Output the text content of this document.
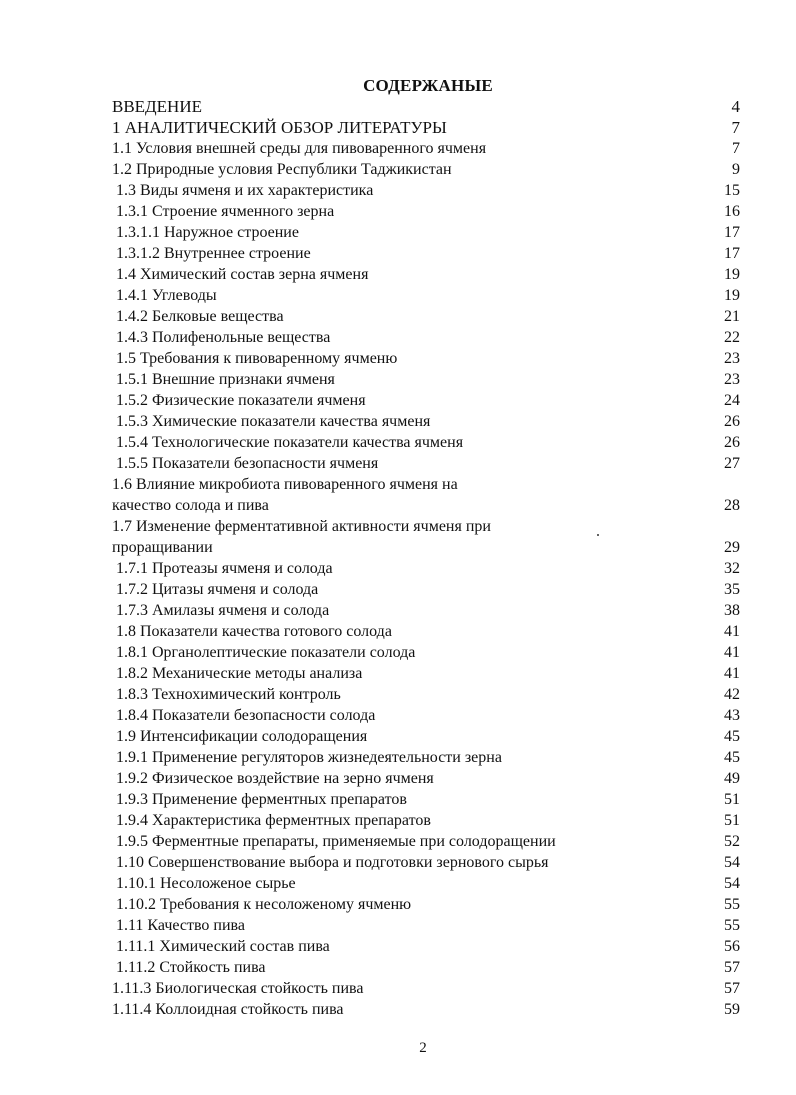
СОДЕРЖАНЫЕ
ВВЕДЕНИЕ	4
1 АНАЛИТИЧЕСКИЙ ОБЗОР ЛИТЕРАТУРЫ	7
1.1 Условия внешней среды для пивоваренного ячменя	7
1.2 Природные условия Республики Таджикистан	9
1.3 Виды ячменя и их характеристика	15
1.3.1 Строение ячменного зерна	16
1.3.1.1 Наружное строение	17
1.3.1.2 Внутреннее строение	17
1.4 Химический состав зерна ячменя	19
1.4.1 Углеводы	19
1.4.2 Белковые вещества	21
1.4.3 Полифенольные вещества	22
1.5 Требования к пивоваренному ячменю	23
1.5.1 Внешние признаки ячменя	23
1.5.2 Физические показатели ячменя	24
1.5.3 Химические показатели качества ячменя	26
1.5.4 Технологические показатели качества ячменя	26
1.5.5 Показатели безопасности ячменя	27
1.6 Влияние микробиота пивоваренного ячменя на
качество солода и пива	28
1.7 Изменение ферментативной активности ячменя при
проращивании	29
1.7.1 Протеазы ячменя и солода	32
1.7.2 Цитазы ячменя и солода	35
1.7.3 Амилазы ячменя и солода	38
1.8 Показатели качества готового солода	41
1.8.1 Органолептические показатели солода	41
1.8.2 Механические методы анализа	41
1.8.3 Технохимический контроль	42
1.8.4 Показатели безопасности солода	43
1.9 Интенсификации солодоращения	45
1.9.1 Применение регуляторов жизнедеятельности зерна	45
1.9.2 Физическое воздействие на зерно ячменя	49
1.9.3 Применение ферментных препаратов	51
1.9.4 Характеристика ферментных препаратов	51
1.9.5 Ферментные препараты, применяемые при солодоращении	52
1.10 Совершенствование выбора и подготовки зернового сырья	54
1.10.1 Несоложеное сырье	54
1.10.2 Требования к несоложеному ячменю	55
1.11 Качество пива	55
1.11.1 Химический состав пива	56
1.11.2 Стойкость пива	57
1.11.3 Биологическая стойкость пива	57
1.11.4 Коллоидная стойкость пива	59
2
